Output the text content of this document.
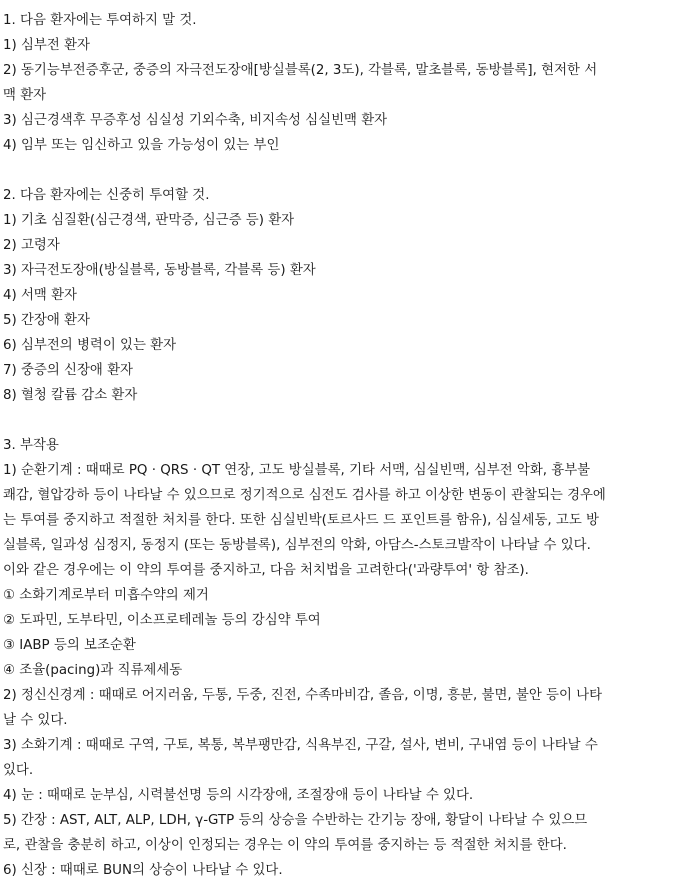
1. 다음 환자에는 투여하지 말 것.
1) 심부전 환자
2) 동기능부전증후군, 중증의 자극전도장애[방실블록(2, 3도), 각블록, 말초블록, 동방블록], 현저한 서
맥 환자
3) 심근경색후 무증후성 심실성 기외수축, 비지속성 심실빈맥 환자
4) 임부 또는 임신하고 있을 가능성이 있는 부인
2. 다음 환자에는 신중히 투여할 것.
1) 기초 심질환(심근경색, 판막증, 심근증 등) 환자
2) 고령자
3) 자극전도장애(방실블록, 동방블록, 각블록 등) 환자
4) 서맥 환자
5) 간장애 환자
6) 심부전의 병력이 있는 환자
7) 중증의 신장애 환자
8) 혈청 칼륨 감소 환자
3. 부작용
1) 순환기계 : 때때로 PQ · QRS · QT 연장, 고도 방실블록, 기타 서맥, 심실빈맥, 심부전 악화, 흉부불
쾌감, 혈압강하 등이 나타날 수 있으므로 정기적으로 심전도 검사를 하고 이상한 변동이 관찰되는 경우에
는 투여를 중지하고 적절한 처치를 한다. 또한 심실빈박(토르사드 드 포인트를 함유), 심실세동, 고도 방
실블록, 일과성 심정지, 동정지 (또는 동방블록), 심부전의 악화, 아담스-스토크발작이 나타날 수 있다.
이와 같은 경우에는 이 약의 투여를 중지하고, 다음 처치법을 고려한다('과량투여' 항 참조).
① 소화기계로부터 미흡수약의 제거
② 도파민, 도부타민, 이소프로테레놀 등의 강심약 투여
③ IABP 등의 보조순환
④ 조율(pacing)과 직류제세동
2) 정신신경계 : 때때로 어지러움, 두통, 두중, 진전, 수족마비감, 졸음, 이명, 흥분, 불면, 불안 등이 나타
날 수 있다.
3) 소화기계 : 때때로 구역, 구토, 복통, 복부팽만감, 식욕부진, 구갈, 설사, 변비, 구내염 등이 나타날 수
있다.
4) 눈 : 때때로 눈부심, 시력불선명 등의 시각장애, 조절장애 등이 나타날 수 있다.
5) 간장 : AST, ALT, ALP, LDH, γ-GTP 등의 상승을 수반하는 간기능 장애, 황달이 나타날 수 있으므
로, 관찰을 충분히 하고, 이상이 인정되는 경우는 이 약의 투여를 중지하는 등 적절한 처치를 한다.
6) 신장 : 때때로 BUN의 상승이 나타날 수 있다.
